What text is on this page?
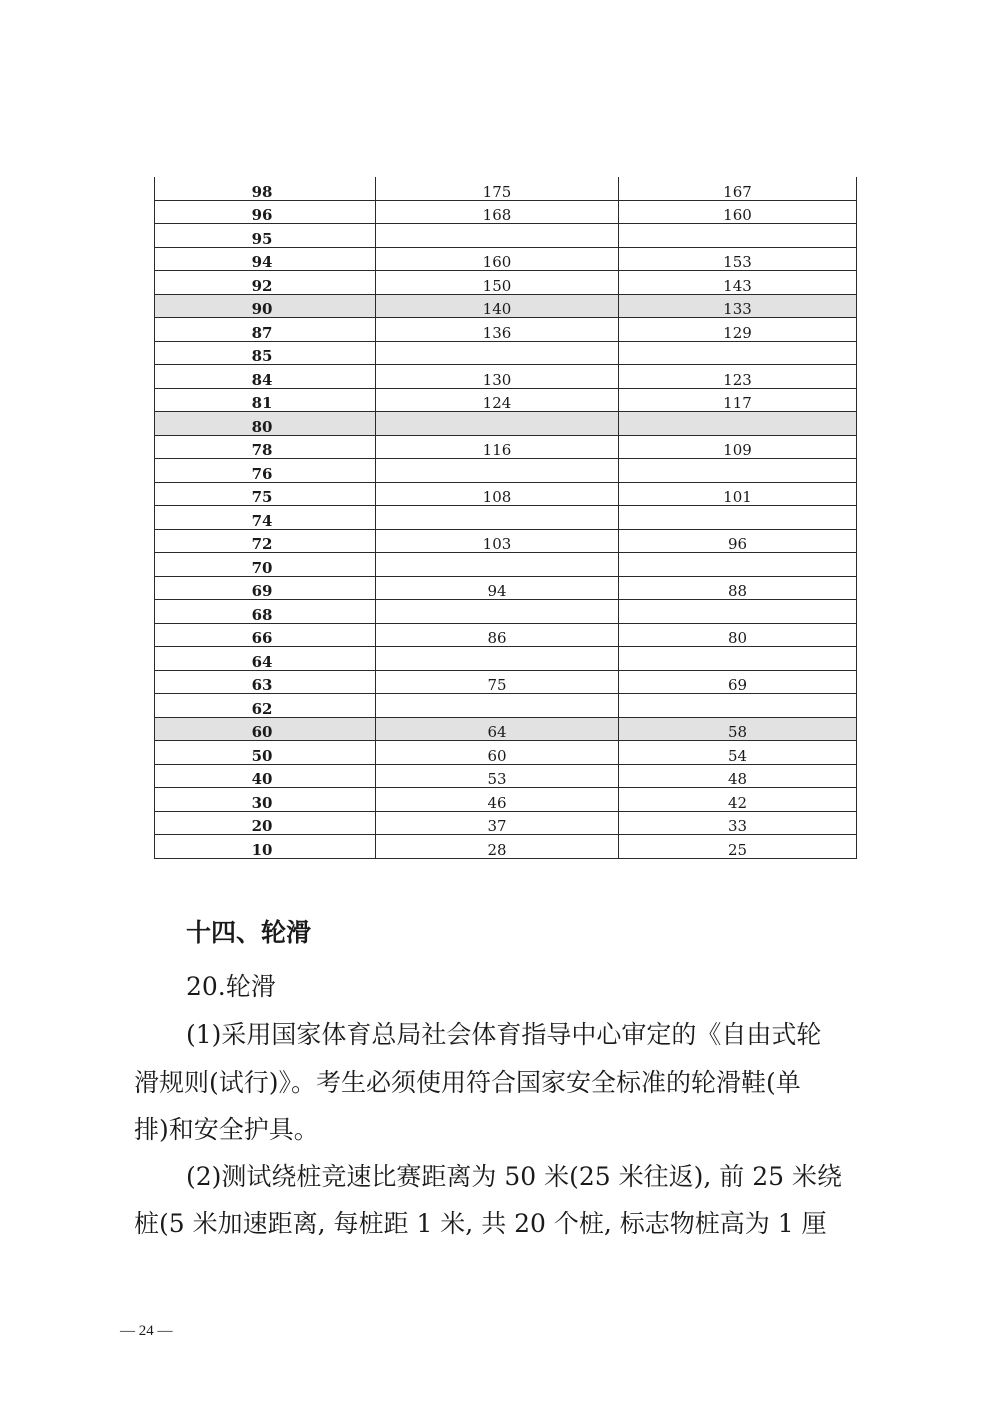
98	175	167
96	168	160
95		
94	160	153
92	150	143
90	140	133
87	136	129
85		
84	130	123
81	124	117
80		
78	116	109
76		
75	108	101
74		
72	103	96
70		
69	94	88
68		
66	86	80
64		
63	75	69
62		
60	64	58
50	60	54
40	53	48
30	46	42
20	37	33
10	28	25
十四、轮滑
20.轮滑
(1)采用国家体育总局社会体育指导中心审定的《自由式轮
滑规则(试行)》。考生必须使用符合国家安全标准的轮滑鞋(单
排)和安全护具。
(2)测试绕桩竞速比赛距离为 50 米(25 米往返), 前 25 米绕
桩(5 米加速距离, 每桩距 1 米, 共 20 个桩, 标志物桩高为 1 厘
— 24 —
